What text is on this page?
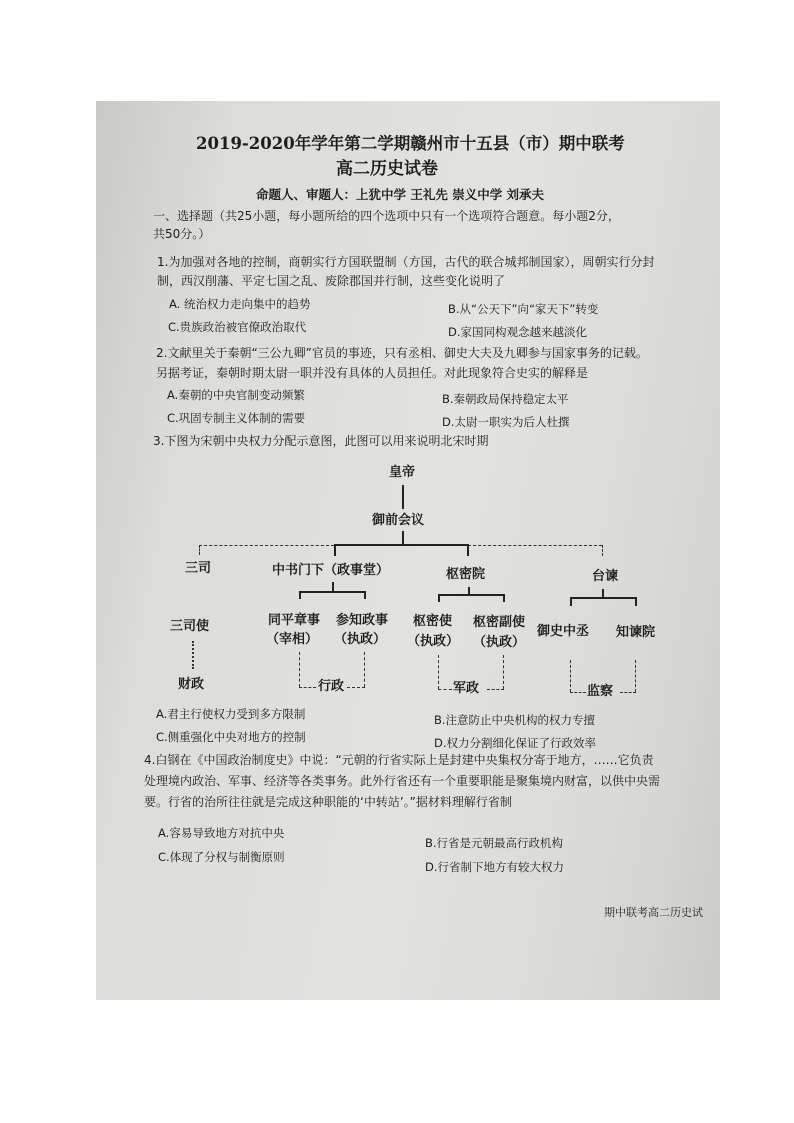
2019-2020年学年第二学期赣州市十五县（市）期中联考
高二历史试卷
命题人、审题人：上犹中学 王礼先 崇义中学 刘承夫
一、选择题（共25小题，每小题所给的四个选项中只有一个选项符合题意。每小题2分，
共50分。）
1.为加强对各地的控制，商朝实行方国联盟制（方国，古代的联合城邦制国家），周朝实行分封
制，西汉削藩、平定七国之乱、废除郡国并行制，这些变化说明了
A. 统治权力走向集中的趋势	B.从“公天下”向“家天下”转变
C.贵族政治被官僚政治取代	D.家国同构观念越来越淡化
2.文献里关于秦朝“三公九卿”官员的事迹，只有丞相、御史大夫及九卿参与国家事务的记载。
另据考证，秦朝时期太尉一职并没有具体的人员担任。对此现象符合史实的解释是
A.秦朝的中央官制变动频繁	B.秦朝政局保持稳定太平
C.巩固专制主义体制的需要	D.太尉一职实为后人杜撰
3.下图为宋朝中央权力分配示意图，此图可以用来说明北宋时期
皇帝
御前会议
三司	中书门下（政事堂）	枢密院	台谏
三司使	同平章事
（宰相）
参知政事
（执政）
枢密使
（执政）
枢密副使
（执政）
御史中丞 知谏院
财政	行政	军政	监察
A.君主行使权力受到多方限制	B.注意防止中央机构的权力专擅
C.侧重强化中央对地方的控制	D.权力分割细化保证了行政效率
4.白钢在《中国政治制度史》中说：“元朝的行省实际上是封建中央集权分寄于地方，……它负责
处理境内政治、军事、经济等各类事务。此外行省还有一个重要职能是聚集境内财富，以供中央需
要。行省的治所往往就是完成这种职能的‘中转站’。”据材料理解行省制
A.容易导致地方对抗中央
B.行省是元朝最高行政机构
C.体现了分权与制衡原则
D.行省制下地方有较大权力
期中联考高二历史试
